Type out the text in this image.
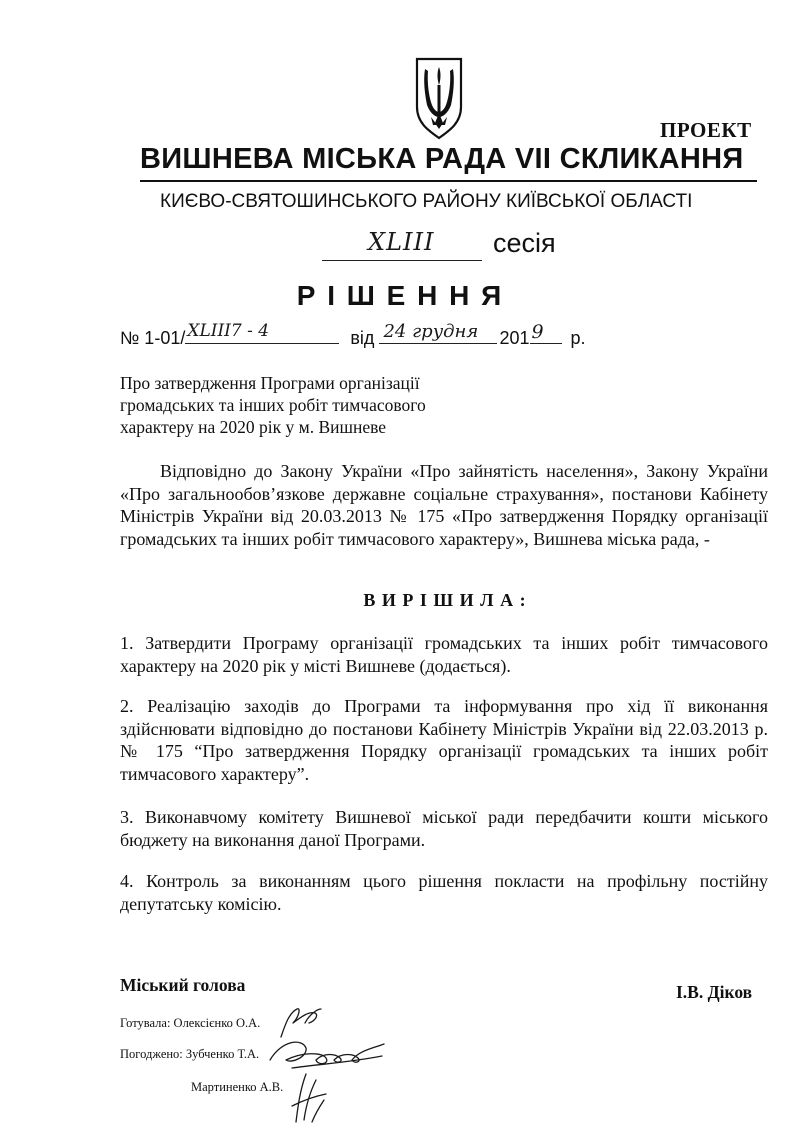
ПРОЕКТ
ВИШНЕВА МІСЬКА РАДА VII СКЛИКАННЯ
КИЄВО-СВЯТОШИНСЬКОГО РАЙОНУ КИЇВСЬКОЇ ОБЛАСТІ
XLIII сесія
Р І Ш Е Н Н Я
№ 1-01/ XLIII7 - 4	від 24 грудня 201 9 р.
Про затвердження Програми організації
громадських та інших робіт тимчасового
характеру на 2020 рік у м. Вишневе
Відповідно до Закону України «Про зайнятість населення», Закону України «Про загальнообов’язкове державне соціальне страхування», постанови Кабінету Міністрів України від 20.03.2013 № 175 «Про затвердження Порядку організації громадських та інших робіт тимчасового характеру», Вишнева міська рада, -
В И Р І Ш И Л А :
1. Затвердити Програму організації громадських та інших робіт тимчасового характеру на 2020 рік у місті Вишневе (додається).
2. Реалізацію заходів до Програми та інформування про хід її виконання здійснювати відповідно до постанови Кабінету Міністрів України від 22.03.2013 р. № 175 “Про затвердження Порядку організації громадських та інших робіт тимчасового характеру”.
3. Виконавчому комітету Вишневої міської ради передбачити кошти міського бюджету на виконання даної Програми.
4. Контроль за виконанням цього рішення покласти на профільну постійну депутатську комісію.
Міський голова	І.В. Діков
Готувала: Олексієнко О.А.
Погоджено: Зубченко Т.А.
Мартиненко А.В.
